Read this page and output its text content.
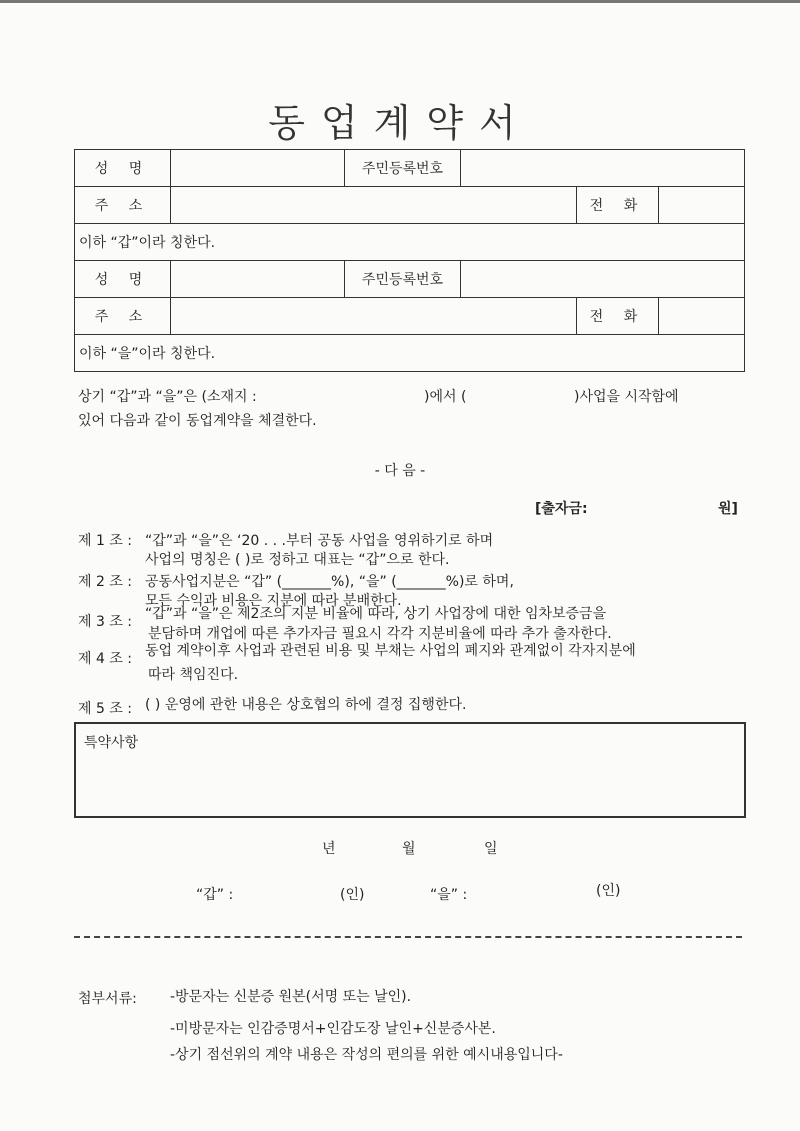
동업계약서
성 명		주민등록번호			
주 소				전 화	
이하 “갑”이라 칭한다.					
성 명		주민등록번호			
주 소				전 화	
이하 “을”이라 칭한다.					
상기 “갑”과 “을”은 (소재지 :	)에서 (	)사업을 시작함에
있어 다음과 같이 동업계약을 체결한다.
- 다 음 -
[출자금:	원]
제 1 조 : “갑”과 “을”은 ‘20 . . .부터 공동 사업을 영위하기로 하며
사업의 명칭은 ( )로 정하고 대표는 “갑”으로 한다.
제 2 조 : 공동사업지분은 “갑” (_______%), “을” (_______%)로 하며,
모든 수익과 비용은 지분에 따라 분배한다.
제 3 조 : “갑”과 “을”은 제2조의 지분 비율에 따라, 상기 사업장에 대한 임차보증금을
분담하며 개업에 따른 추가자금 필요시 각각 지분비율에 따라 추가 출자한다.
제 4 조 : 동업 계약이후 사업과 관련된 비용 및 부채는 사업의 폐지와 관계없이 각자지분에
따라 책임진다.
제 5 조 : ( ) 운영에 관한 내용은 상호협의 하에 결정 집행한다.
특약사항
년	월	일
“갑” :	(인)	“을” :	(인)
첨부서류: -방문자는 신분증 원본(서명 또는 날인).
-미방문자는 인감증명서+인감도장 날인+신분증사본.
-상기 점선위의 계약 내용은 작성의 편의를 위한 예시내용입니다-
